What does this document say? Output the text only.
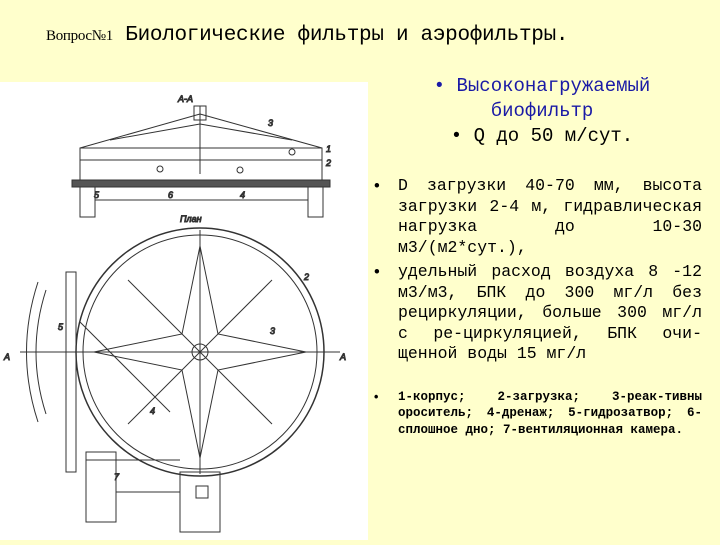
Вопрос№1 Биологические фильтры и аэрофильтры.
А-А
План
А	А
3
1
2
5	6	4
2
3
5
4
7
• Высоконагружаемый
биофильтр
• Q до 50 м/сут.
• D загрузки 40-70 мм, высота загрузки 2-4 м, гидравлическая нагрузка до 10-30 м3/(м2*сут.),
• удельный расход воздуха 8 -12 м3/м3, БПК до 300 мг/л без рециркуляции, больше 300 мг/л с ре-циркуляцией, БПК очи-щенной воды 15 мг/л
• 1-корпус; 2-загрузка; 3-реак-тивны ороситель; 4-дренаж; 5-гидрозатвор; 6-сплошное дно; 7-вентиляционная камера.
